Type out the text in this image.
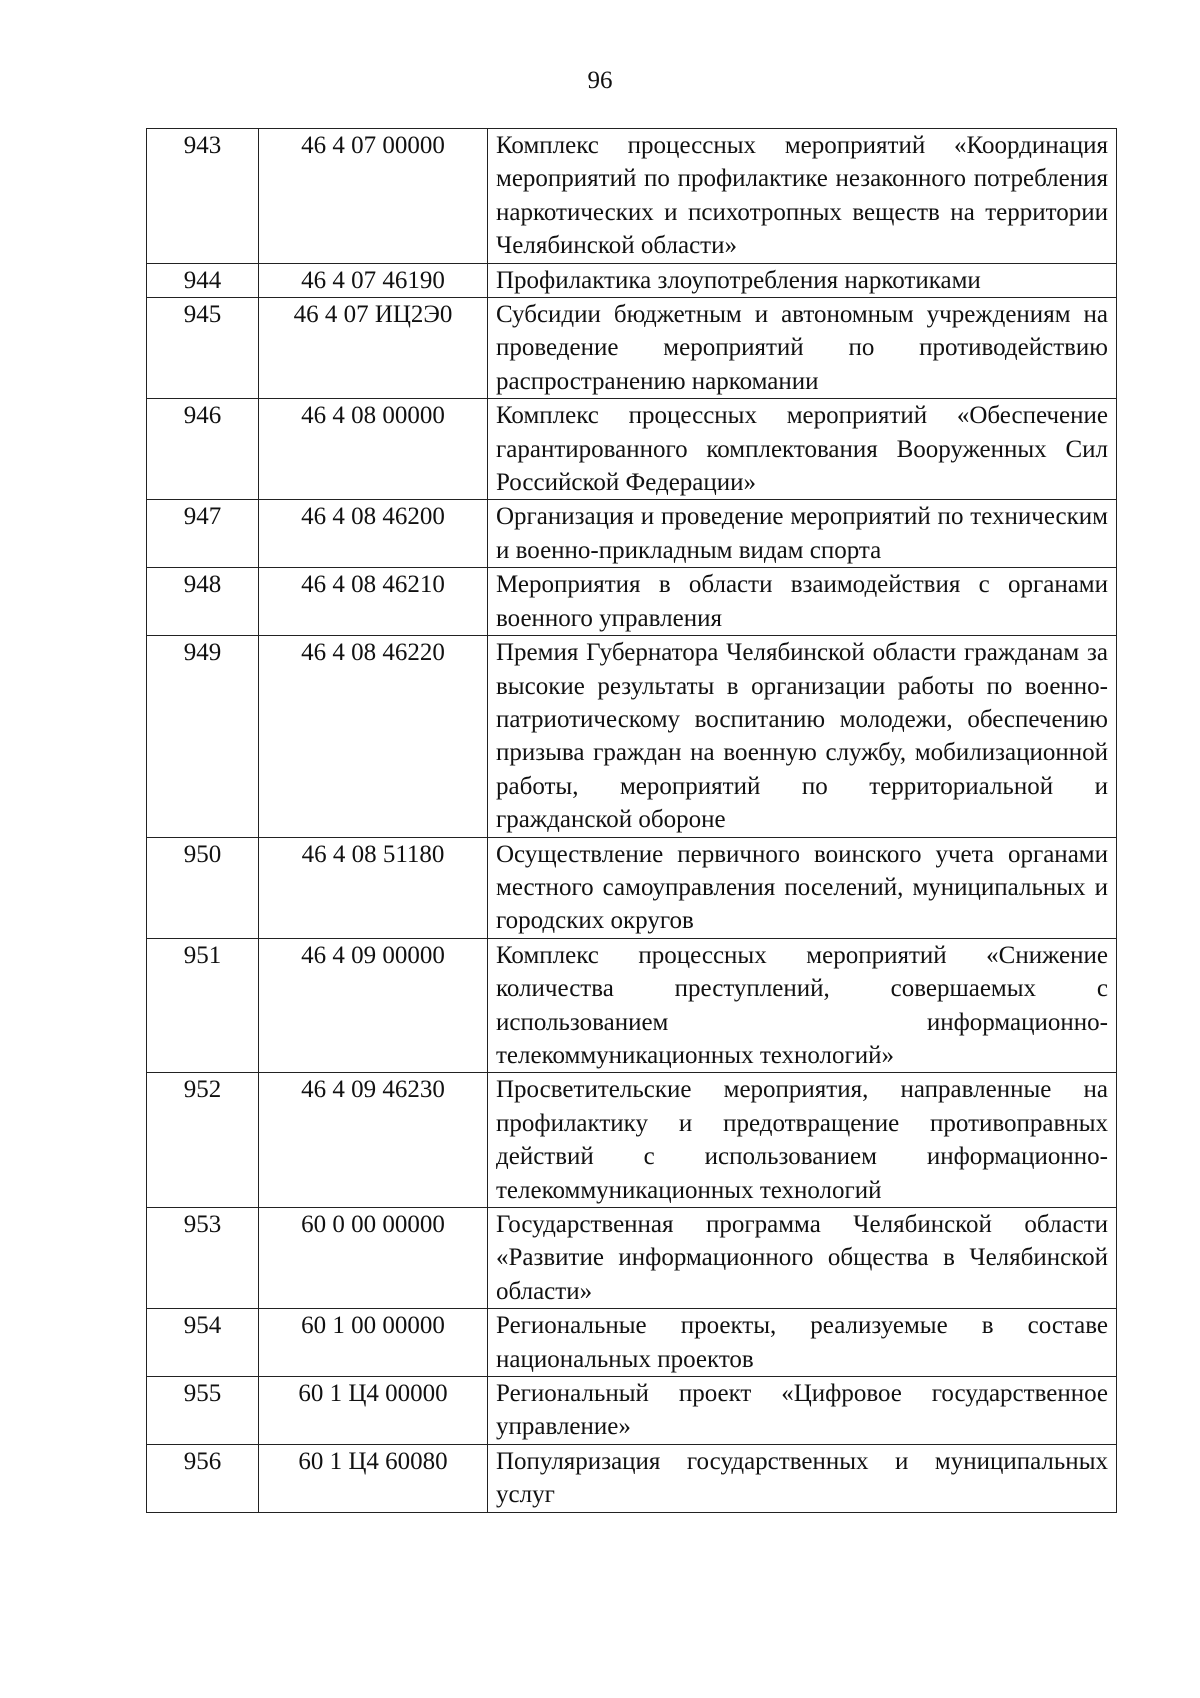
96
943	46 4 07 00000	Комплекс процессных мероприятий «Координация мероприятий по профилактике незаконного потребления наркотических и психотропных веществ на территории Челябинской области»
944	46 4 07 46190	Профилактика злоупотребления наркотиками
945	46 4 07 ИЦ2Э0	Субсидии бюджетным и автономным учреждениям на проведение мероприятий по противодействию распространению наркомании
946	46 4 08 00000	Комплекс процессных мероприятий «Обеспечение гарантированного комплектования Вооруженных Сил Российской Федерации»
947	46 4 08 46200	Организация и проведение мероприятий по техническим и военно-прикладным видам спорта
948	46 4 08 46210	Мероприятия в области взаимодействия с органами военного управления
949	46 4 08 46220	Премия Губернатора Челябинской области гражданам за высокие результаты в организации работы по военно-патриотическому воспитанию молодежи, обеспечению призыва граждан на военную службу, мобилизационной работы, мероприятий по территориальной и гражданской обороне
950	46 4 08 51180	Осуществление первичного воинского учета органами местного самоуправления поселений, муниципальных и городских округов
951	46 4 09 00000	Комплекс процессных мероприятий «Снижение количества преступлений, совершаемых с использованием информационно-телекоммуникационных технологий»
952	46 4 09 46230	Просветительские мероприятия, направленные на профилактику и предотвращение противоправных действий с использованием информационно-телекоммуникационных технологий
953	60 0 00 00000	Государственная программа Челябинской области «Развитие информационного общества в Челябинской области»
954	60 1 00 00000	Региональные проекты, реализуемые в составе национальных проектов
955	60 1 Ц4 00000	Региональный проект «Цифровое государственное управление»
956	60 1 Ц4 60080	Популяризация государственных и муниципальных услуг
